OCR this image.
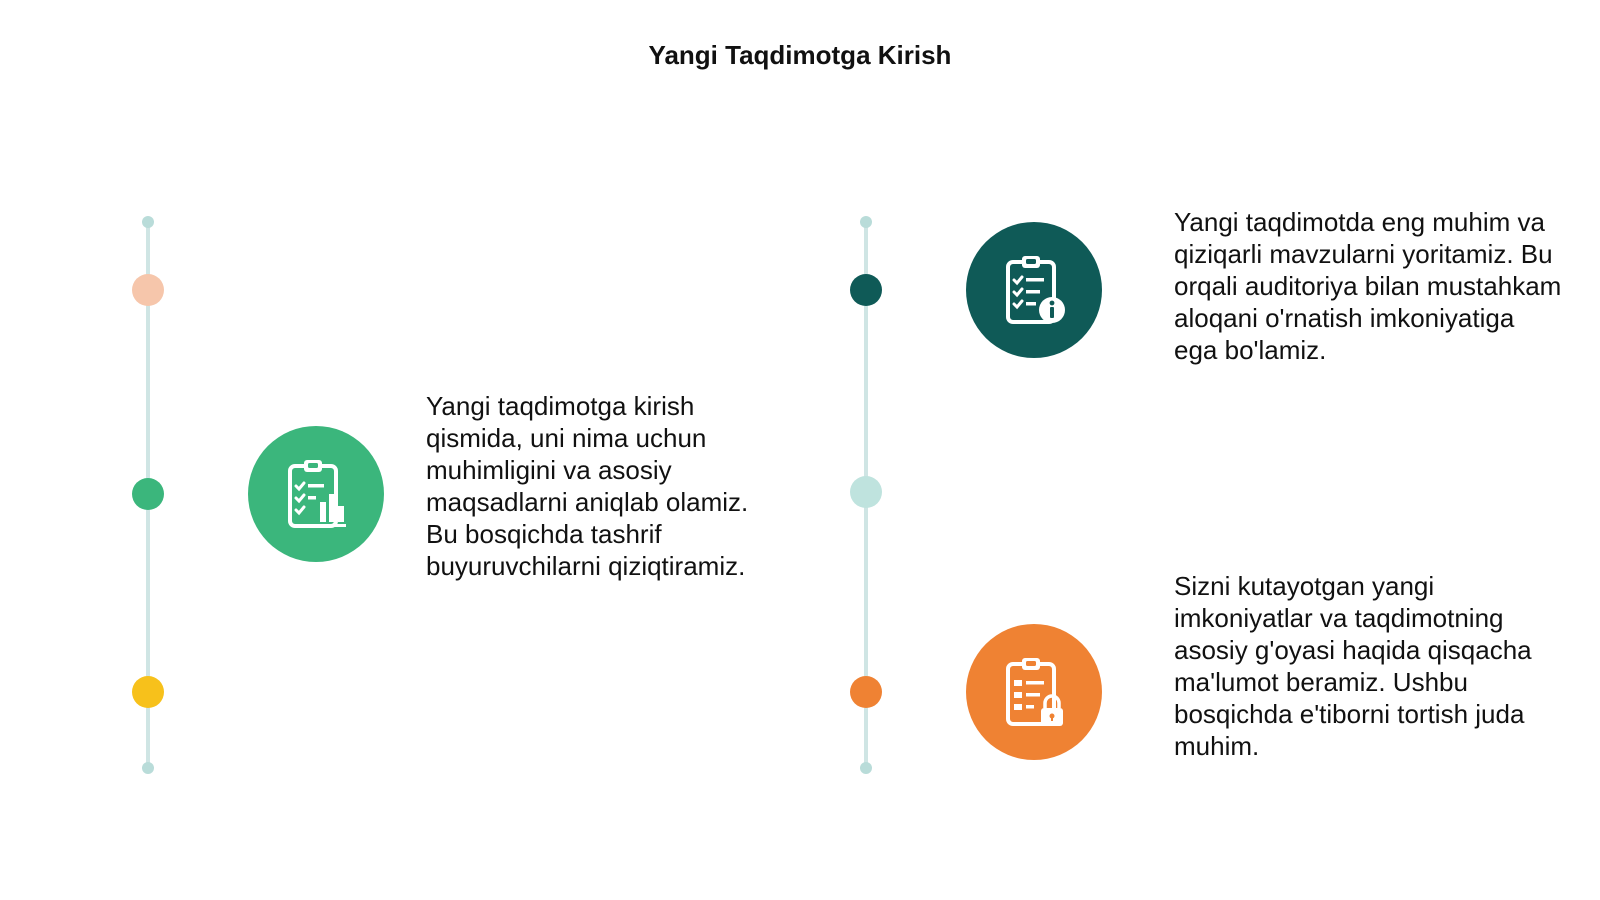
Yangi Taqdimotga Kirish
Yangi taqdimotga kirish qismida, uni nima uchun muhimligini va asosiy maqsadlarni aniqlab olamiz. Bu bosqichda tashrif buyuruvchilarni qiziqtiramiz.
Yangi taqdimotda eng muhim va qiziqarli mavzularni yoritamiz. Bu orqali auditoriya bilan mustahkam aloqani o'rnatish imkoniyatiga ega bo'lamiz.
Sizni kutayotgan yangi imkoniyatlar va taqdimotning asosiy g'oyasi haqida qisqacha ma'lumot beramiz. Ushbu bosqichda e'tiborni tortish juda muhim.
